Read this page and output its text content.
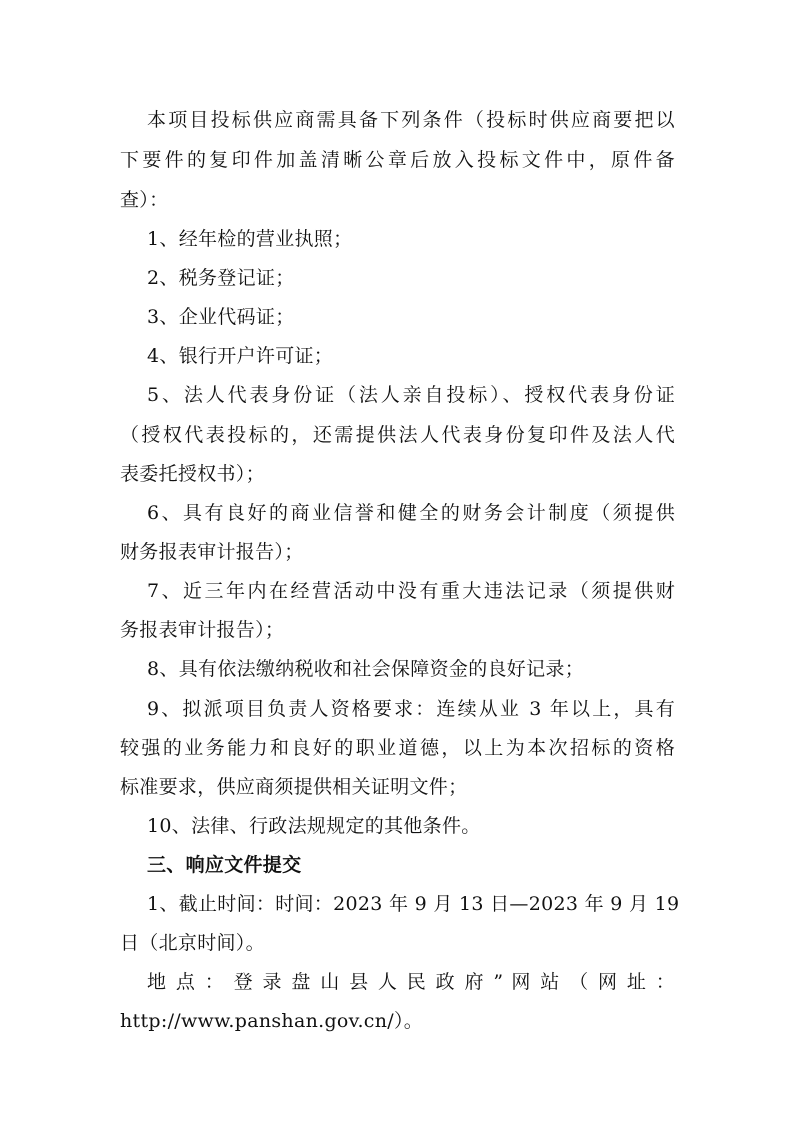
本项目投标供应商需具备下列条件（投标时供应商要把以
下要件的复印件加盖清晰公章后放入投标文件中，原件备
查）：
1、经年检的营业执照；
2、税务登记证；
3、企业代码证；
4、银行开户许可证；
5、法人代表身份证（法人亲自投标）、授权代表身份证
（授权代表投标的，还需提供法人代表身份复印件及法人代
表委托授权书）；
6、具有良好的商业信誉和健全的财务会计制度（须提供
财务报表审计报告）；
7、近三年内在经营活动中没有重大违法记录（须提供财
务报表审计报告）；
8、具有依法缴纳税收和社会保障资金的良好记录；
9、拟派项目负责人资格要求：连续从业 3 年以上，具有
较强的业务能力和良好的职业道德，以上为本次招标的资格
标准要求，供应商须提供相关证明文件；
10、法律、行政法规规定的其他条件。
三、响应文件提交
1、截止时间：时间：2023 年 9 月 13 日—2023 年 9 月 19
日（北京时间）。
地 点 ： 登 录 盘 山 县 人 民 政 府 ” 网 站 （ 网 址 ：
http://www.panshan.gov.cn/）。
